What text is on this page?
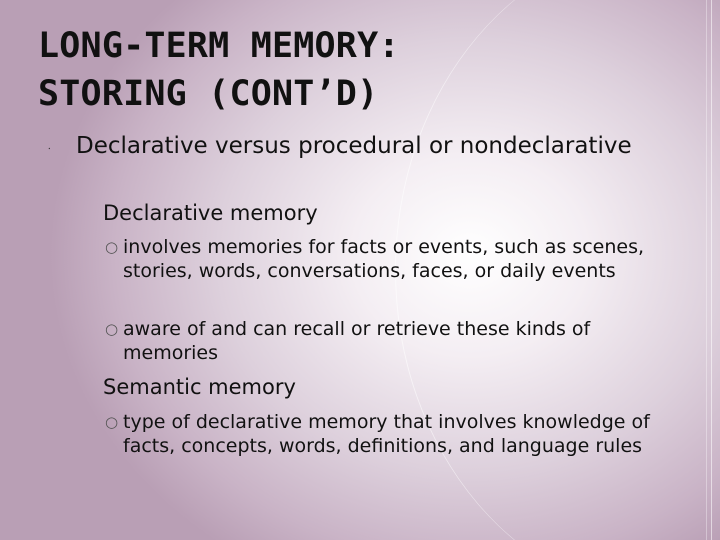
LONG-TERM MEMORY:
STORING (CONT’D)
⸱ Declarative versus procedural or nondeclarative
Declarative memory
○ involves memories for facts or events, such as scenes, stories, words, conversations, faces, or daily events
○ aware of and can recall or retrieve these kinds of memories
Semantic memory
○ type of declarative memory that involves knowledge of facts, concepts, words, definitions, and language rules
